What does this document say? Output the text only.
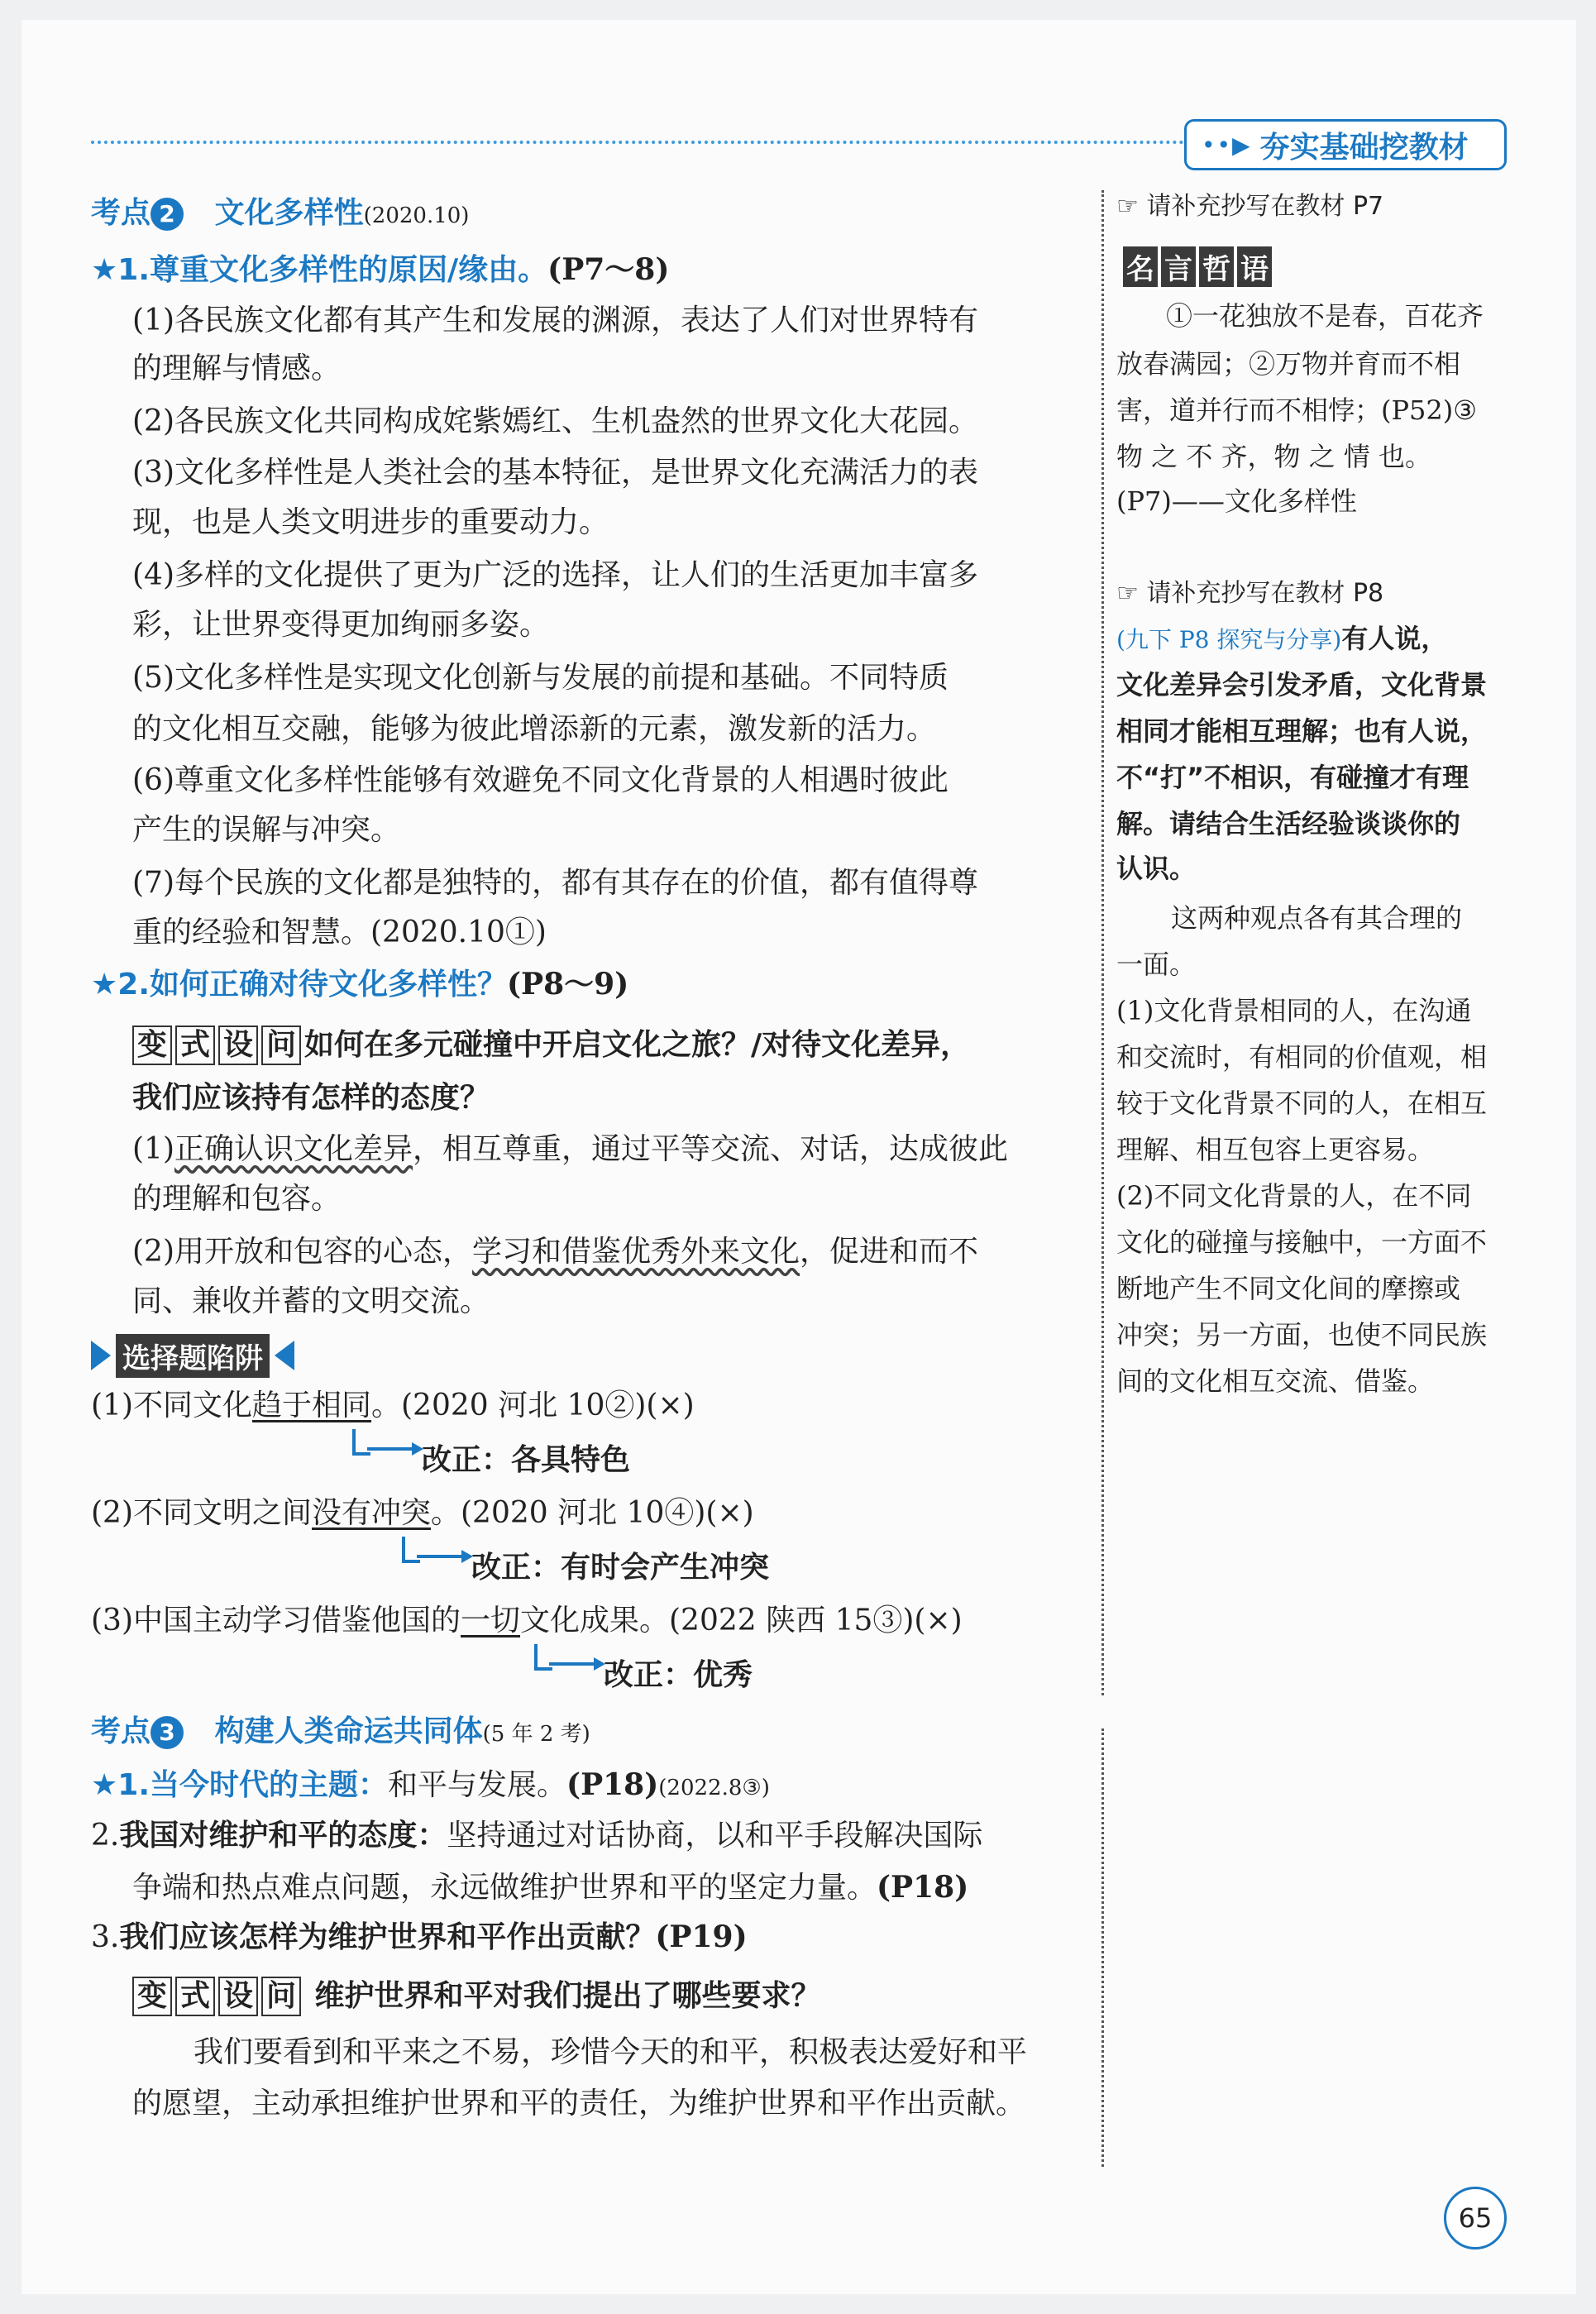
••▶ 夯实基础挖教材
考点 2 文化多样性(2020.10)
★1.尊重文化多样性的原因/缘由。(P7～8)
(1)各民族文化都有其产生和发展的渊源，表达了人们对世界特有
的理解与情感。
(2)各民族文化共同构成姹紫嫣红、生机盎然的世界文化大花园。
(3)文化多样性是人类社会的基本特征，是世界文化充满活力的表
现，也是人类文明进步的重要动力。
(4)多样的文化提供了更为广泛的选择，让人们的生活更加丰富多
彩，让世界变得更加绚丽多姿。
(5)文化多样性是实现文化创新与发展的前提和基础。不同特质
的文化相互交融，能够为彼此增添新的元素，激发新的活力。
(6)尊重文化多样性能够有效避免不同文化背景的人相遇时彼此
产生的误解与冲突。
(7)每个民族的文化都是独特的，都有其存在的价值，都有值得尊
重的经验和智慧。(2020.10①)
★2.如何正确对待文化多样性？(P8～9)
变 式 设 问 如何在多元碰撞中开启文化之旅？/对待文化差异，
我们应该持有怎样的态度？
(1)正确认识文化差异，相互尊重，通过平等交流、对话，达成彼此
的理解和包容。
(2)用开放和包容的心态，学习和借鉴优秀外来文化，促进和而不
同、兼收并蓄的文明交流。
选择题陷阱
(1)不同文化趋于相同。(2020 河北 10②)(×)
改正：各具特色
(2)不同文明之间没有冲突。(2020 河北 10④)(×)
改正：有时会产生冲突
(3)中国主动学习借鉴他国的一切文化成果。(2022 陕西 15③)(×)
改正：优秀
考点 3 构建人类命运共同体(5 年 2 考)
★1.当今时代的主题：和平与发展。(P18)(2022.8③)
2.我国对维护和平的态度：坚持通过对话协商，以和平手段解决国际
争端和热点难点问题，永远做维护世界和平的坚定力量。(P18)
3.我们应该怎样为维护世界和平作出贡献？(P19)
变 式 设 问 维护世界和平对我们提出了哪些要求？
我们要看到和平来之不易，珍惜今天的和平，积极表达爱好和平
的愿望，主动承担维护世界和平的责任，为维护世界和平作出贡献。
☞ 请补充抄写在教材 P7
名 言 哲 语
①一花独放不是春，百花齐
放春满园；②万物并育而不相
害，道并行而不相悖；(P52)③
物 之 不 齐，物 之 情 也。
(P7)——文化多样性
☞ 请补充抄写在教材 P8
(九下 P8 探究与分享)有人说，
文化差异会引发矛盾，文化背景
相同才能相互理解；也有人说，
不“打”不相识，有碰撞才有理
解。请结合生活经验谈谈你的
认识。
这两种观点各有其合理的
一面。
(1)文化背景相同的人，在沟通
和交流时，有相同的价值观，相
较于文化背景不同的人，在相互
理解、相互包容上更容易。
(2)不同文化背景的人，在不同
文化的碰撞与接触中，一方面不
断地产生不同文化间的摩擦或
冲突；另一方面，也使不同民族
间的文化相互交流、借鉴。
65
